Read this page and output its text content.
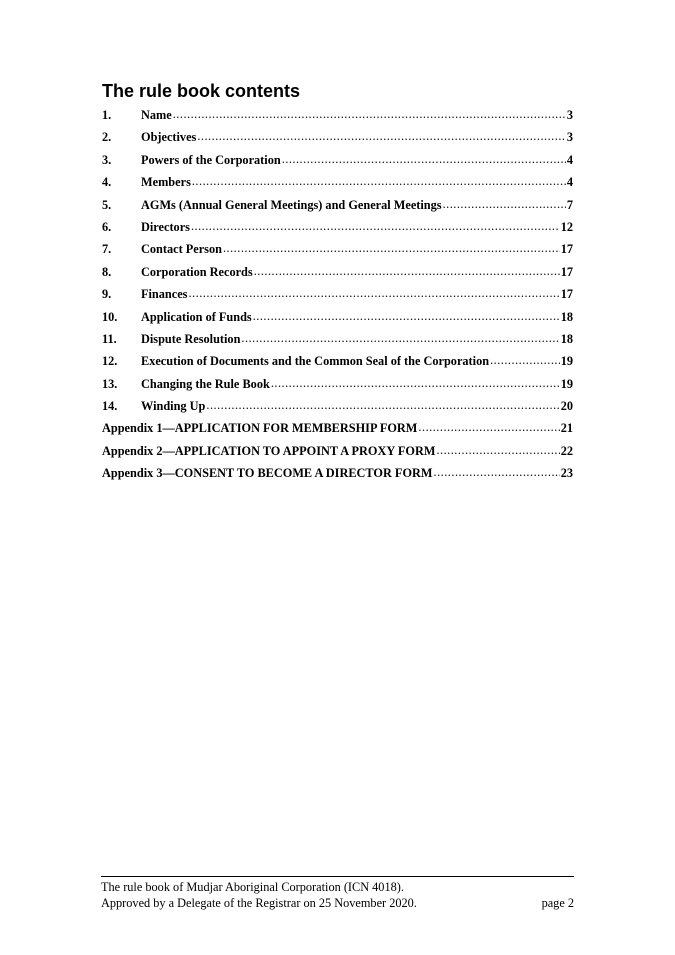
The rule book contents
1.	Name .....	3
2.	Objectives .....	3
3.	Powers of the Corporation .....	4
4.	Members .....	4
5.	AGMs (Annual General Meetings) and General Meetings .....	7
6.	Directors .....	12
7.	Contact Person .....	17
8.	Corporation Records .....	17
9.	Finances .....	17
10.	Application of Funds .....	18
11.	Dispute Resolution .....	18
12.	Execution of Documents and the Common Seal of the Corporation .....	19
13.	Changing the Rule Book .....	19
14.	Winding Up .....	20
Appendix 1—APPLICATION FOR MEMBERSHIP FORM .....	21
Appendix 2—APPLICATION TO APPOINT A PROXY FORM .....	22
Appendix 3—CONSENT TO BECOME A DIRECTOR FORM .....	23
The rule book of Mudjar Aboriginal Corporation (ICN 4018).
Approved by a Delegate of the Registrar on 25 November 2020.	page 2
